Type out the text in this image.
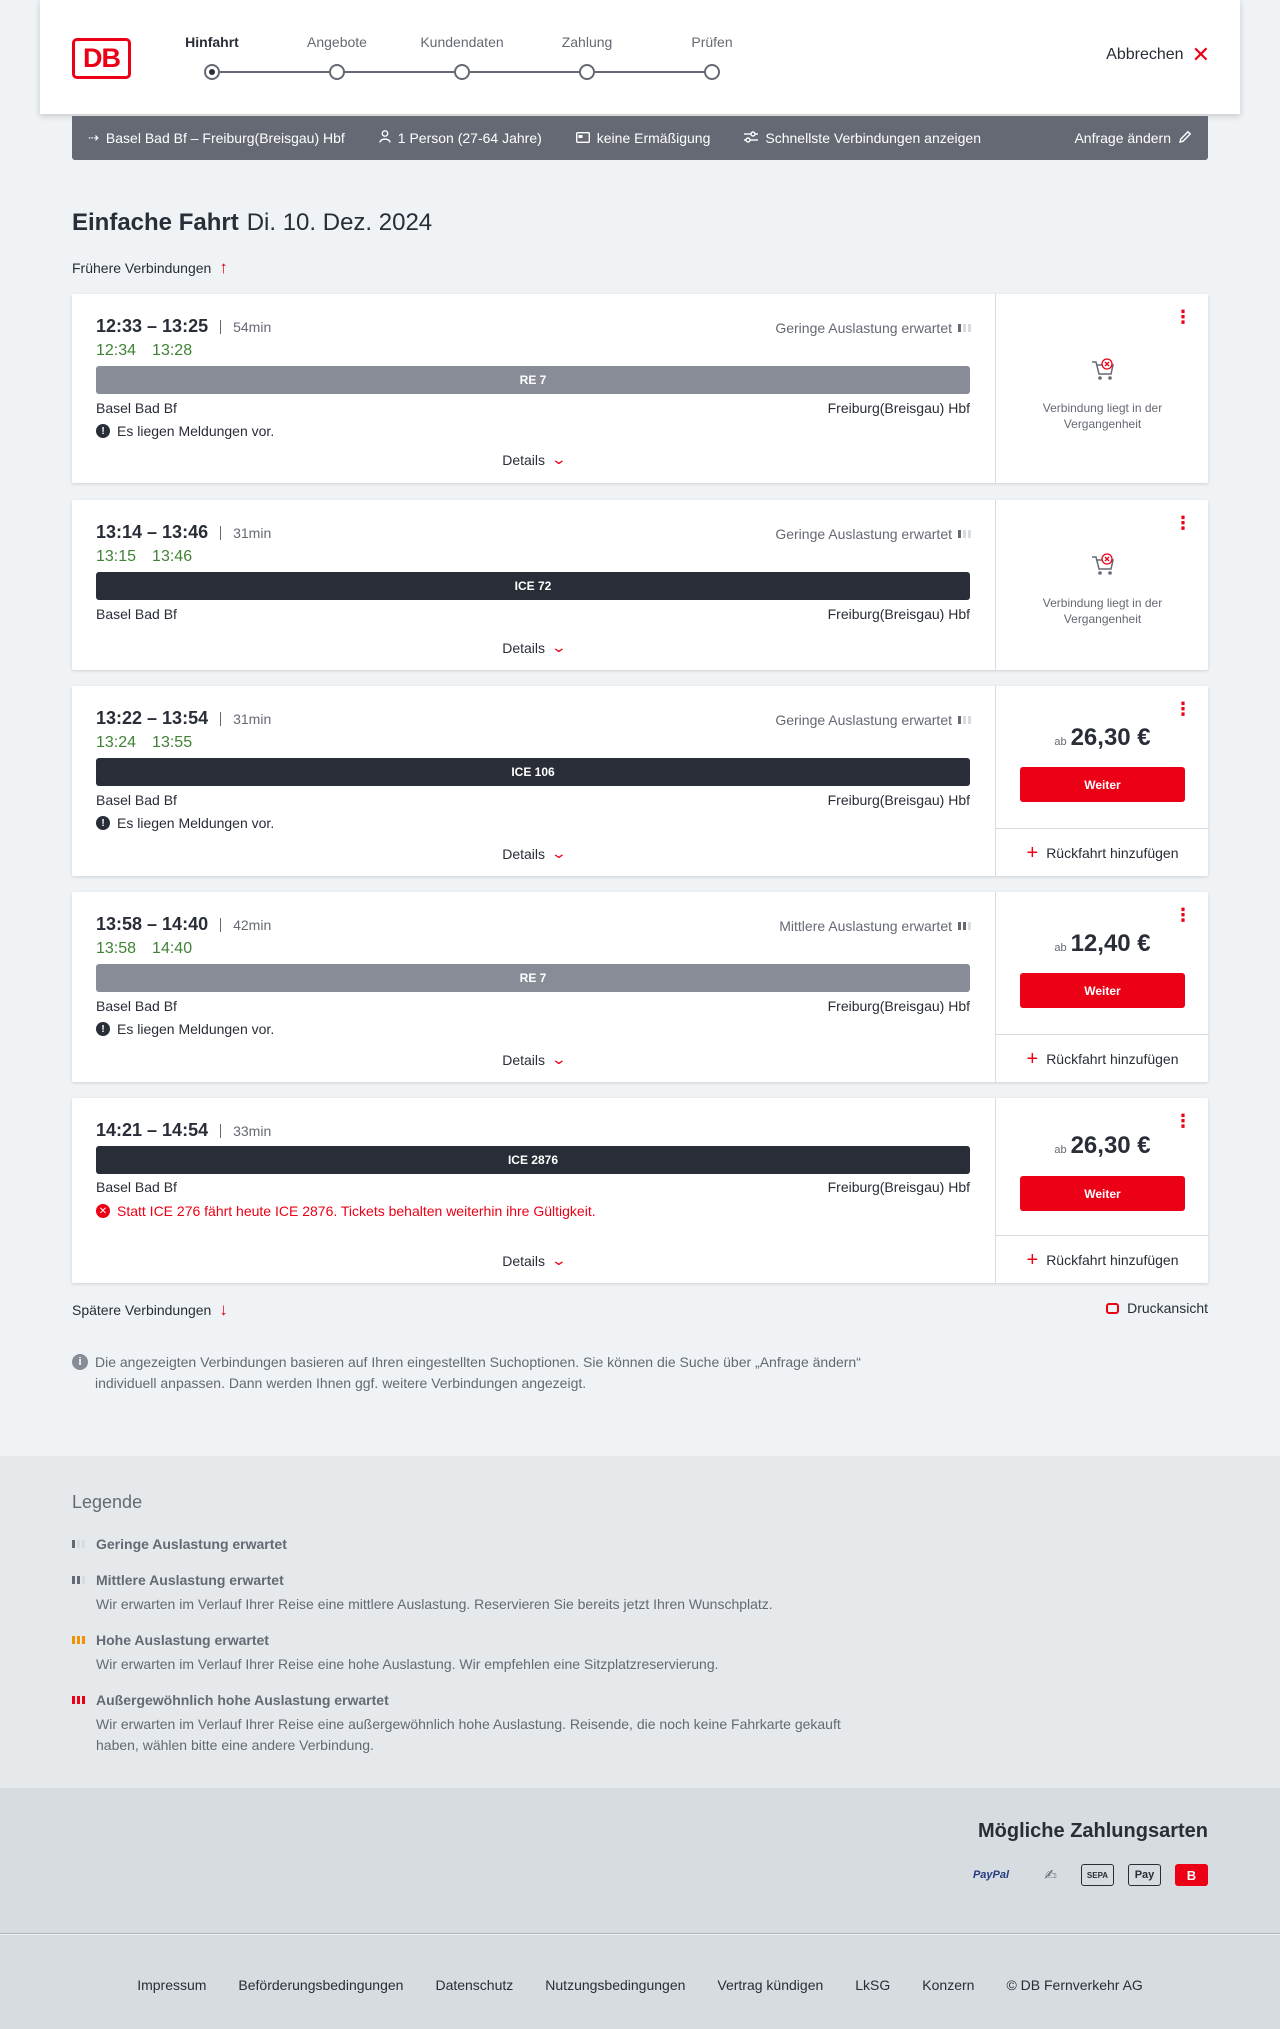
DB
Hinfahrt	Angebote	Kundendaten	Zahlung	Prüfen
Abbrechen ✕
⇢ Basel Bad Bf – Freiburg(Breisgau) Hbf	1 Person (27-64 Jahre)	keine Ermäßigung	Schnellste Verbindungen anzeigen	Anfrage ändern
Einfache Fahrt Di. 10. Dez. 2024
Frühere Verbindungen ↑
12:33 – 13:25	54min
12:34 13:28
Geringe Auslastung erwartet
RE 7
Basel Bad Bf	Freiburg(Breisgau) Hbf
! Es liegen Meldungen vor.
Details ⌄
⋮
Verbindung liegt in der Vergangenheit
13:14 – 13:46	31min
13:15 13:46
Geringe Auslastung erwartet
ICE 72
Basel Bad Bf	Freiburg(Breisgau) Hbf
Details ⌄
⋮
Verbindung liegt in der Vergangenheit
13:22 – 13:54	31min
13:24 13:55
Geringe Auslastung erwartet
ICE 106
Basel Bad Bf	Freiburg(Breisgau) Hbf
! Es liegen Meldungen vor.
Details ⌄
⋮
ab 26,30 €
Weiter
+ Rückfahrt hinzufügen
13:58 – 14:40	42min
13:58 14:40
Mittlere Auslastung erwartet
RE 7
Basel Bad Bf	Freiburg(Breisgau) Hbf
! Es liegen Meldungen vor.
Details ⌄
⋮
ab 12,40 €
Weiter
+ Rückfahrt hinzufügen
14:21 – 14:54	33min
ICE 2876
Basel Bad Bf	Freiburg(Breisgau) Hbf
✕ Statt ICE 276 fährt heute ICE 2876. Tickets behalten weiterhin ihre Gültigkeit.
Details ⌄
⋮
ab 26,30 €
Weiter
+ Rückfahrt hinzufügen
Spätere Verbindungen ↓	Druckansicht
i Die angezeigten Verbindungen basieren auf Ihren eingestellten Suchoptionen. Sie können die Suche über „Anfrage ändern“ individuell anpassen. Dann werden Ihnen ggf. weitere Verbindungen angezeigt.
Legende
Geringe Auslastung erwartet
Mittlere Auslastung erwartet
Wir erwarten im Verlauf Ihrer Reise eine mittlere Auslastung. Reservieren Sie bereits jetzt Ihren Wunschplatz.
Hohe Auslastung erwartet
Wir erwarten im Verlauf Ihrer Reise eine hohe Auslastung. Wir empfehlen eine Sitzplatzreservierung.
Außergewöhnlich hohe Auslastung erwartet
Wir erwarten im Verlauf Ihrer Reise eine außergewöhnlich hohe Auslastung. Reisende, die noch keine Fahrkarte gekauft haben, wählen bitte eine andere Verbindung.
Mögliche Zahlungsarten
PayPal	✍	SEPA	Pay	B
Impressum Beförderungsbedingungen Datenschutz Nutzungsbedingungen Vertrag kündigen LkSG Konzern © DB Fernverkehr AG
